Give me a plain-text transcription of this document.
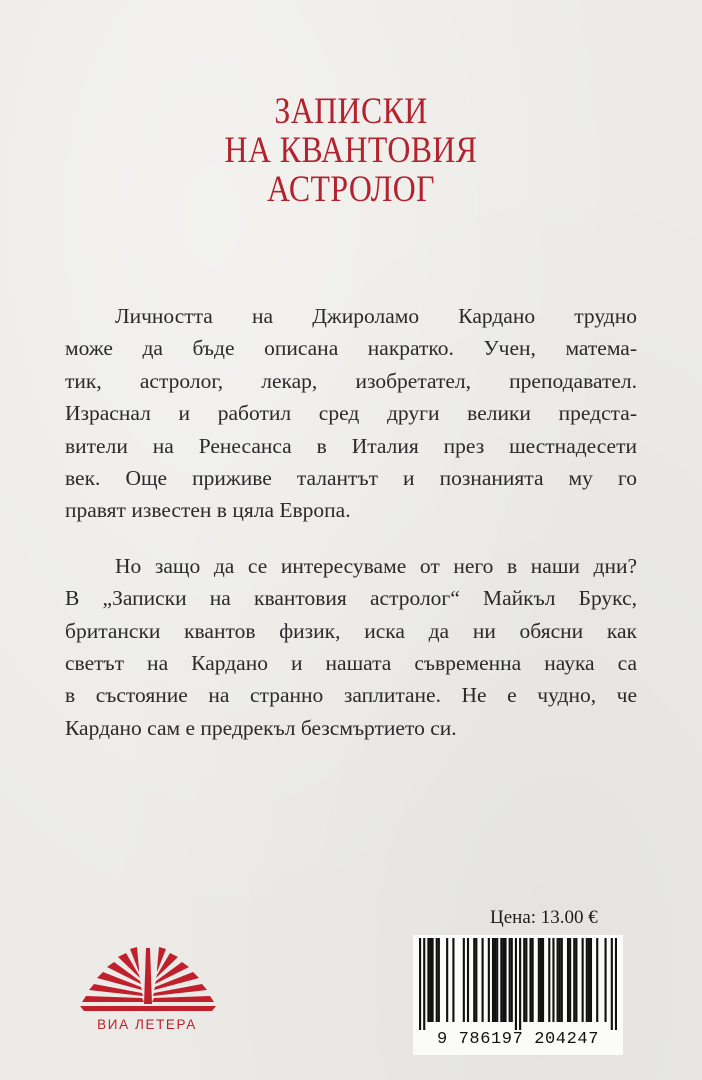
ЗАПИСКИ
НА КВАНТОВИЯ
АСТРОЛОГ
Личността на Джироламо Кардано трудно
може да бъде описана накратко. Учен, матема-
тик, астролог, лекар, изобретател, преподавател.
Израснал и работил сред други велики предста-
вители на Ренесанса в Италия през шестнадесети
век. Още приживе талантът и познанията му го
правят известен в цяла Европа.
Но защо да се интересуваме от него в наши дни?
В „Записки на квантовия астролог“ Майкъл Брукс,
британски квантов физик, иска да ни обясни как
светът на Кардано и нашата съвременна наука са
в състояние на странно заплитане. Не е чудно, че
Кардано сам е предрекъл безсмъртието си.
Цена: 13.00 €
9 786197 204247
ВИА ЛЕТЕРА
